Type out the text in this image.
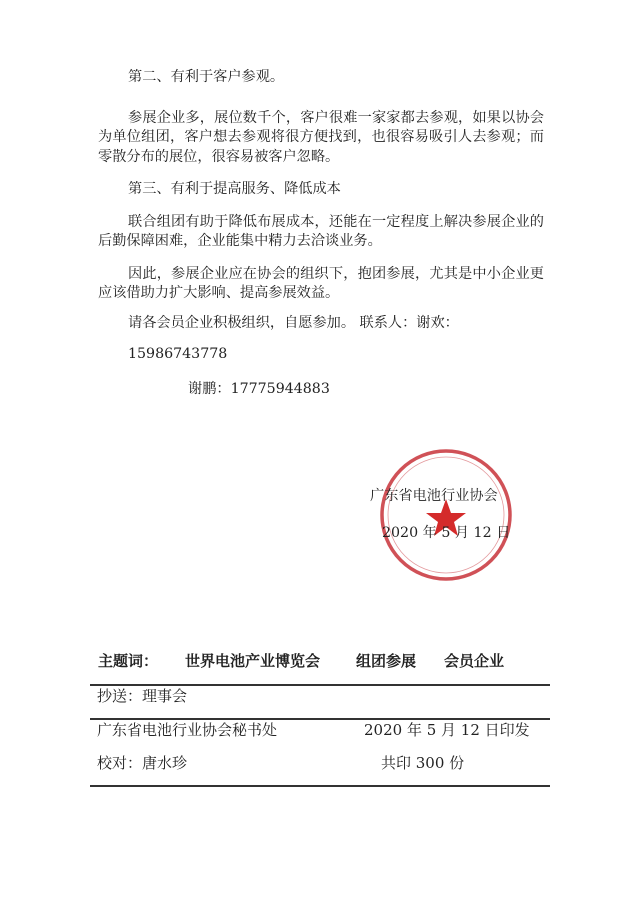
第二、有利于客户参观。

参展企业多，展位数千个，客户很难一家家都去参观，如果以协会为单位组团，客户想去参观将很方便找到，也很容易吸引人去参观；而零散分布的展位，很容易被客户忽略。

第三、有利于提高服务、降低成本

联合组团有助于降低布展成本，还能在一定程度上解决参展企业的后勤保障困难，企业能集中精力去洽谈业务。

因此，参展企业应在协会的组织下，抱团参展，尤其是中小企业更应该借助力扩大影响、提高参展效益。

请各会员企业积极组织，自愿参加。 联系人：谢欢：

15986743778

谢鹏：17775944883

广东省电池行业协会
2020 年 5 月 12 日
主题词： 世界电池产业博览会 组团参展 会员企业
抄送：理事会
广东省电池行业协会秘书处	2020 年 5 月 12 日印发
校对：唐水珍	共印 300 份
